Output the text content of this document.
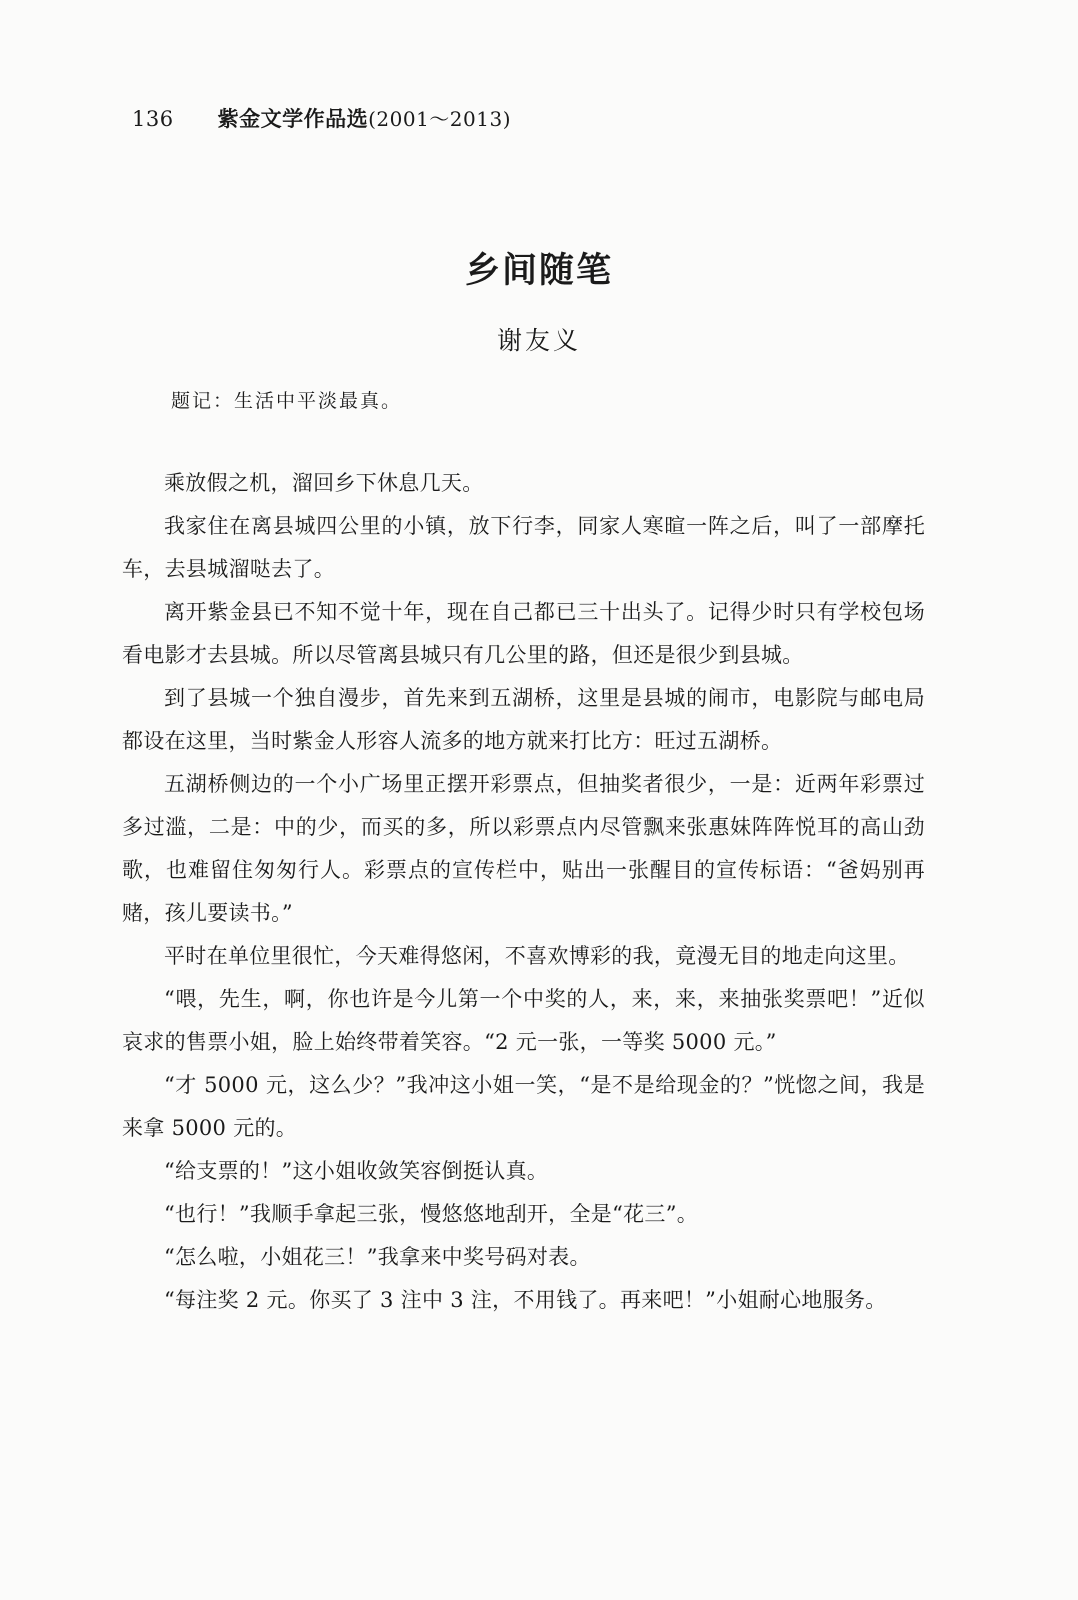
136 紫金文学作品选 (2001～2013)
乡间随笔
谢友义
题记：生活中平淡最真。

乘放假之机，溜回乡下休息几天。

我家住在离县城四公里的小镇，放下行李，同家人寒暄一阵之后，叫了一部摩托车，去县城溜哒去了。

离开紫金县已不知不觉十年，现在自己都已三十出头了。记得少时只有学校包场看电影才去县城。所以尽管离县城只有几公里的路，但还是很少到县城。

到了县城一个独自漫步，首先来到五湖桥，这里是县城的闹市，电影院与邮电局都设在这里，当时紫金人形容人流多的地方就来打比方：旺过五湖桥。

五湖桥侧边的一个小广场里正摆开彩票点，但抽奖者很少，一是：近两年彩票过多过滥，二是：中的少，而买的多，所以彩票点内尽管飘来张惠妹阵阵悦耳的高山劲歌，也难留住匆匆行人。彩票点的宣传栏中，贴出一张醒目的宣传标语：“爸妈别再赌，孩儿要读书。”

平时在单位里很忙，今天难得悠闲，不喜欢博彩的我，竟漫无目的地走向这里。

“喂，先生，啊，你也许是今儿第一个中奖的人，来，来，来抽张奖票吧！”近似哀求的售票小姐，脸上始终带着笑容。“2 元一张，一等奖 5000 元。”

“才 5000 元，这么少？”我冲这小姐一笑，“是不是给现金的？”恍惚之间，我是来拿 5000 元的。

“给支票的！”这小姐收敛笑容倒挺认真。

“也行！”我顺手拿起三张，慢悠悠地刮开，全是“花三”。

“怎么啦，小姐花三！”我拿来中奖号码对表。

“每注奖 2 元。你买了 3 注中 3 注，不用钱了。再来吧！”小姐耐心地服务。
